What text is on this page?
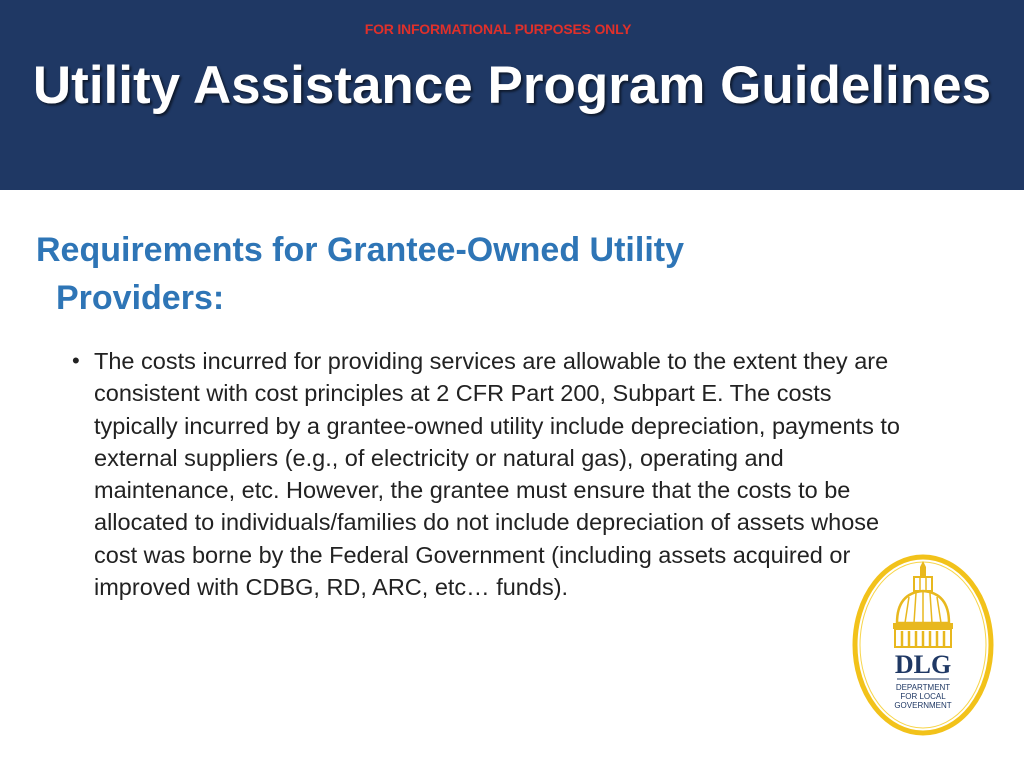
FOR INFORMATIONAL PURPOSES ONLY
Utility Assistance Program Guidelines
Requirements for Grantee-Owned Utility
Providers:
• The costs incurred for providing services are allowable to the extent they are consistent with cost principles at 2 CFR Part 200, Subpart E. The costs typically incurred by a grantee-owned utility include depreciation, payments to external suppliers (e.g., of electricity or natural gas), operating and maintenance, etc. However, the grantee must ensure that the costs to be allocated to individuals/families do not include depreciation of assets whose cost was borne by the Federal Government (including assets acquired or improved with CDBG, RD, ARC, etc… funds).
DLG
DEPARTMENT
FOR LOCAL
GOVERNMENT
